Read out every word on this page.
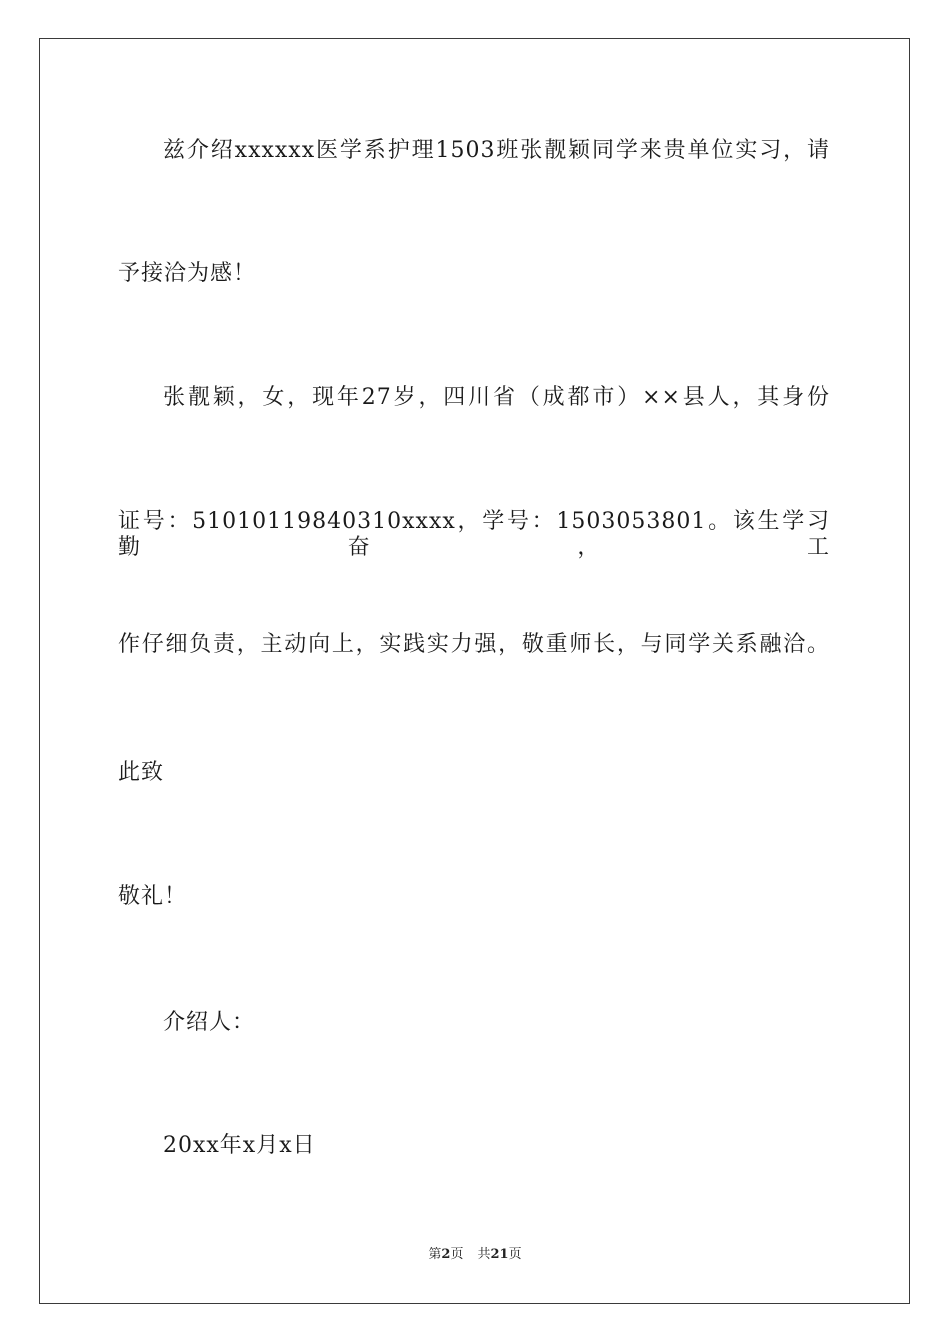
兹介绍xxxxxx医学系护理1503班张靓颖同学来贵单位实习，请
予接洽为感！
张靓颖，女，现年27岁，四川省（成都市）××县人，其身份
证号：51010119840310xxxx，学号：1503053801。该生学习勤奋，工
作仔细负责，主动向上，实践实力强，敬重师长，与同学关系融洽。
此致
敬礼！
介绍人：
20xx年x月x日
第2页 共21页
